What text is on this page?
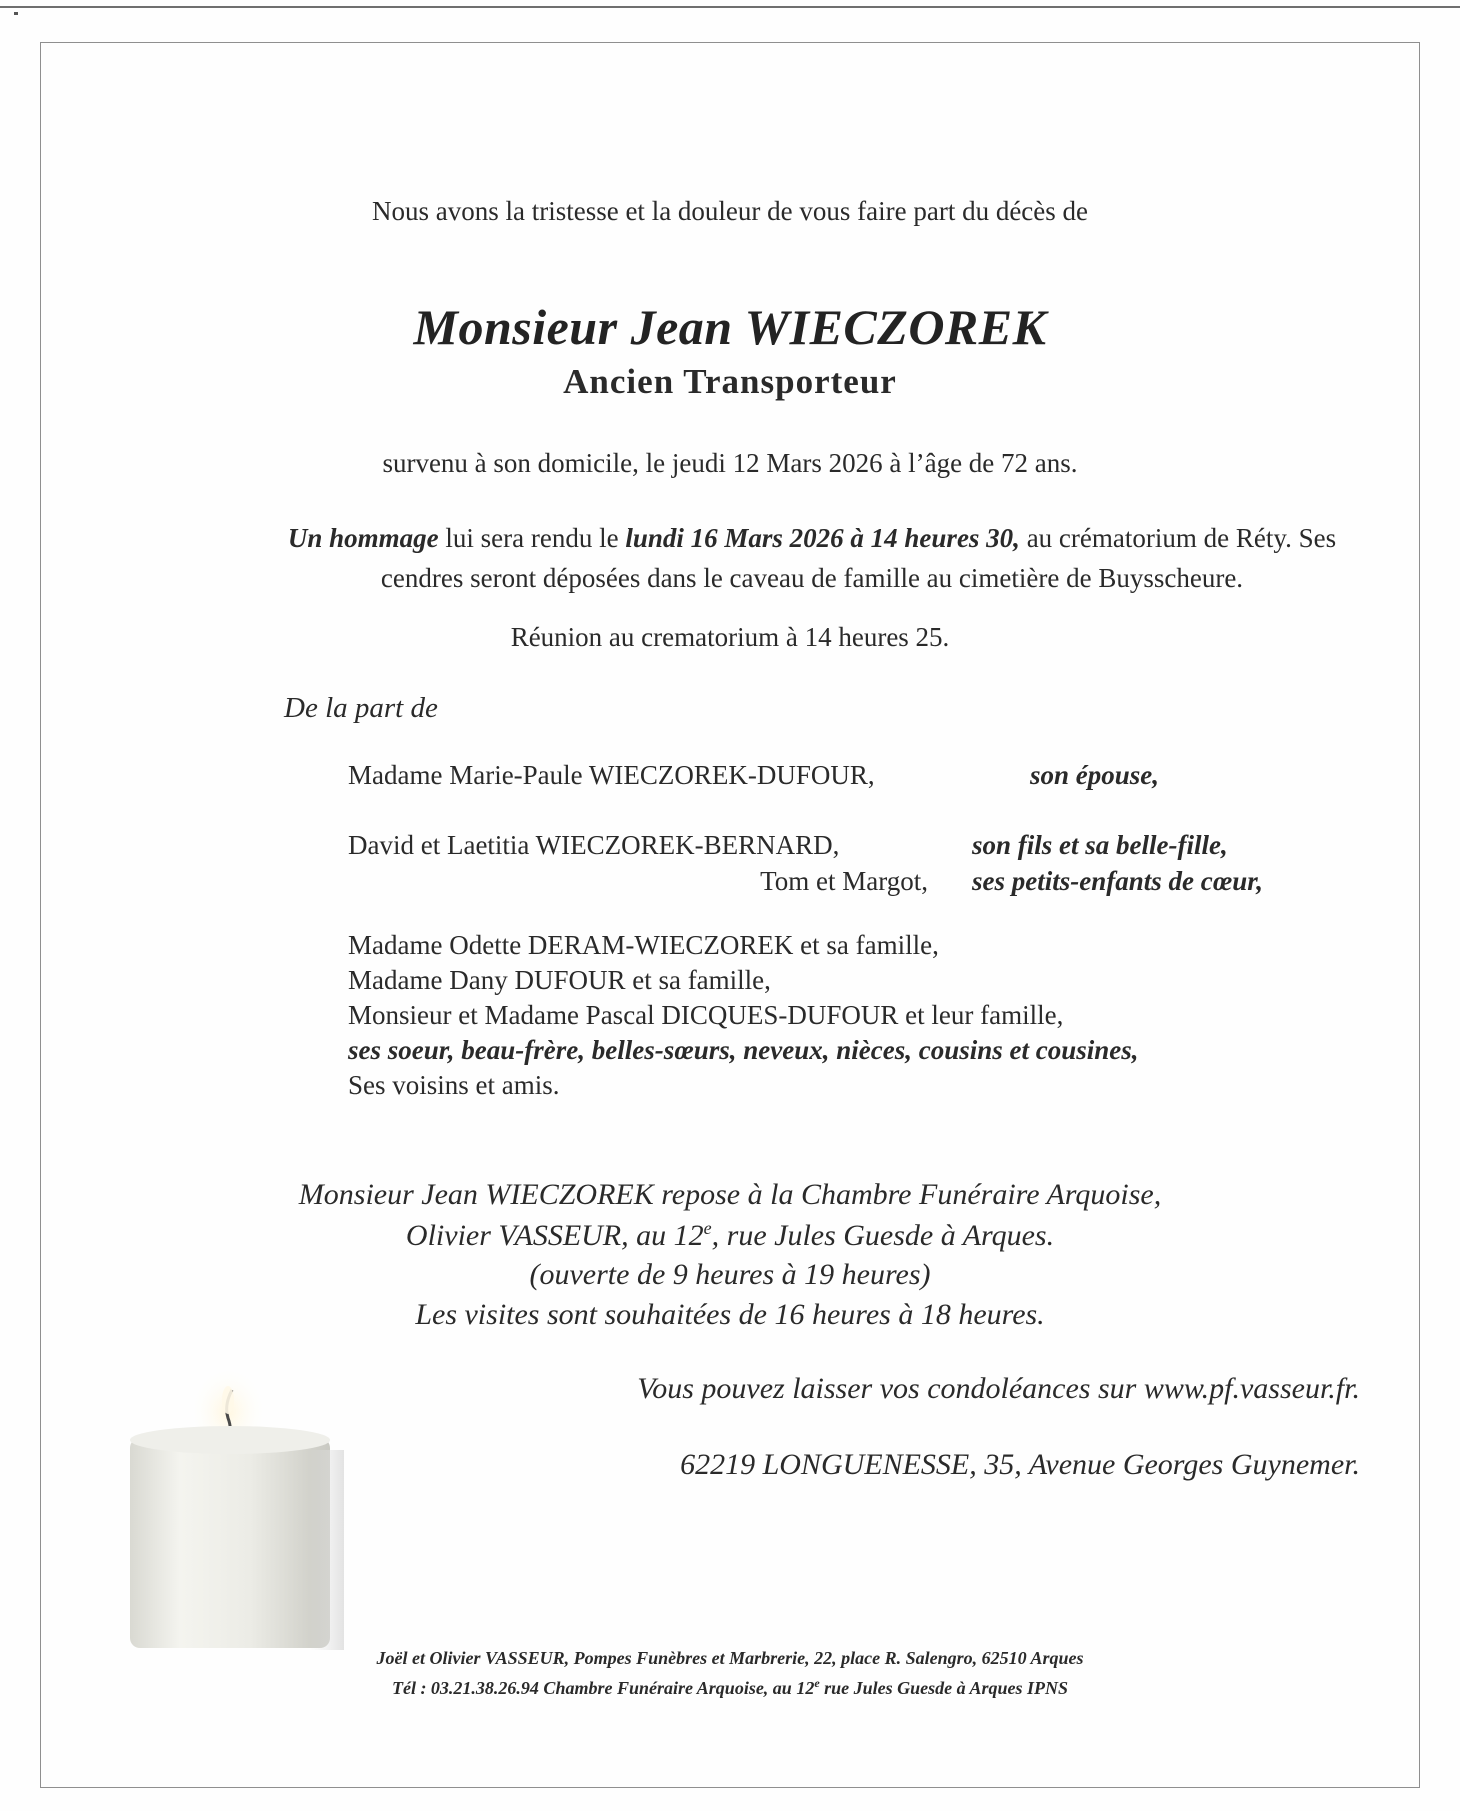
Nous avons la tristesse et la douleur de vous faire part du décès de

Monsieur Jean WIECZOREK

Ancien Transporteur

survenu à son domicile, le jeudi 12 Mars 2026 à l’âge de 72 ans.

Un hommage lui sera rendu le lundi 16 Mars 2026 à 14 heures 30, au crématorium de Réty. Ses cendres seront déposées dans le caveau de famille au cimetière de Buysscheure.

Réunion au crematorium à 14 heures 25.

De la part de

Madame Marie-Paule WIECZOREK-DUFOUR,	son épouse,

David et Laetitia WIECZOREK-BERNARD,	son fils et sa belle-fille,

Tom et Margot, ses petits-enfants de cœur,

Madame Odette DERAM-WIECZOREK et sa famille,

Madame Dany DUFOUR et sa famille,

Monsieur et Madame Pascal DICQUES-DUFOUR et leur famille,

ses soeur, beau-frère, belles-sœurs, neveux, nièces, cousins et cousines,

Ses voisins et amis.

Monsieur Jean WIECZOREK repose à la Chambre Funéraire Arquoise,

Olivier VASSEUR, au 12e, rue Jules Guesde à Arques.

(ouverte de 9 heures à 19 heures)

Les visites sont souhaitées de 16 heures à 18 heures.

Vous pouvez laisser vos condoléances sur www.pf.vasseur.fr.

62219 LONGUENESSE, 35, Avenue Georges Guynemer.

Joël et Olivier VASSEUR, Pompes Funèbres et Marbrerie, 22, place R. Salengro, 62510 Arques

Tél : 03.21.38.26.94 Chambre Funéraire Arquoise, au 12e rue Jules Guesde à Arques IPNS
